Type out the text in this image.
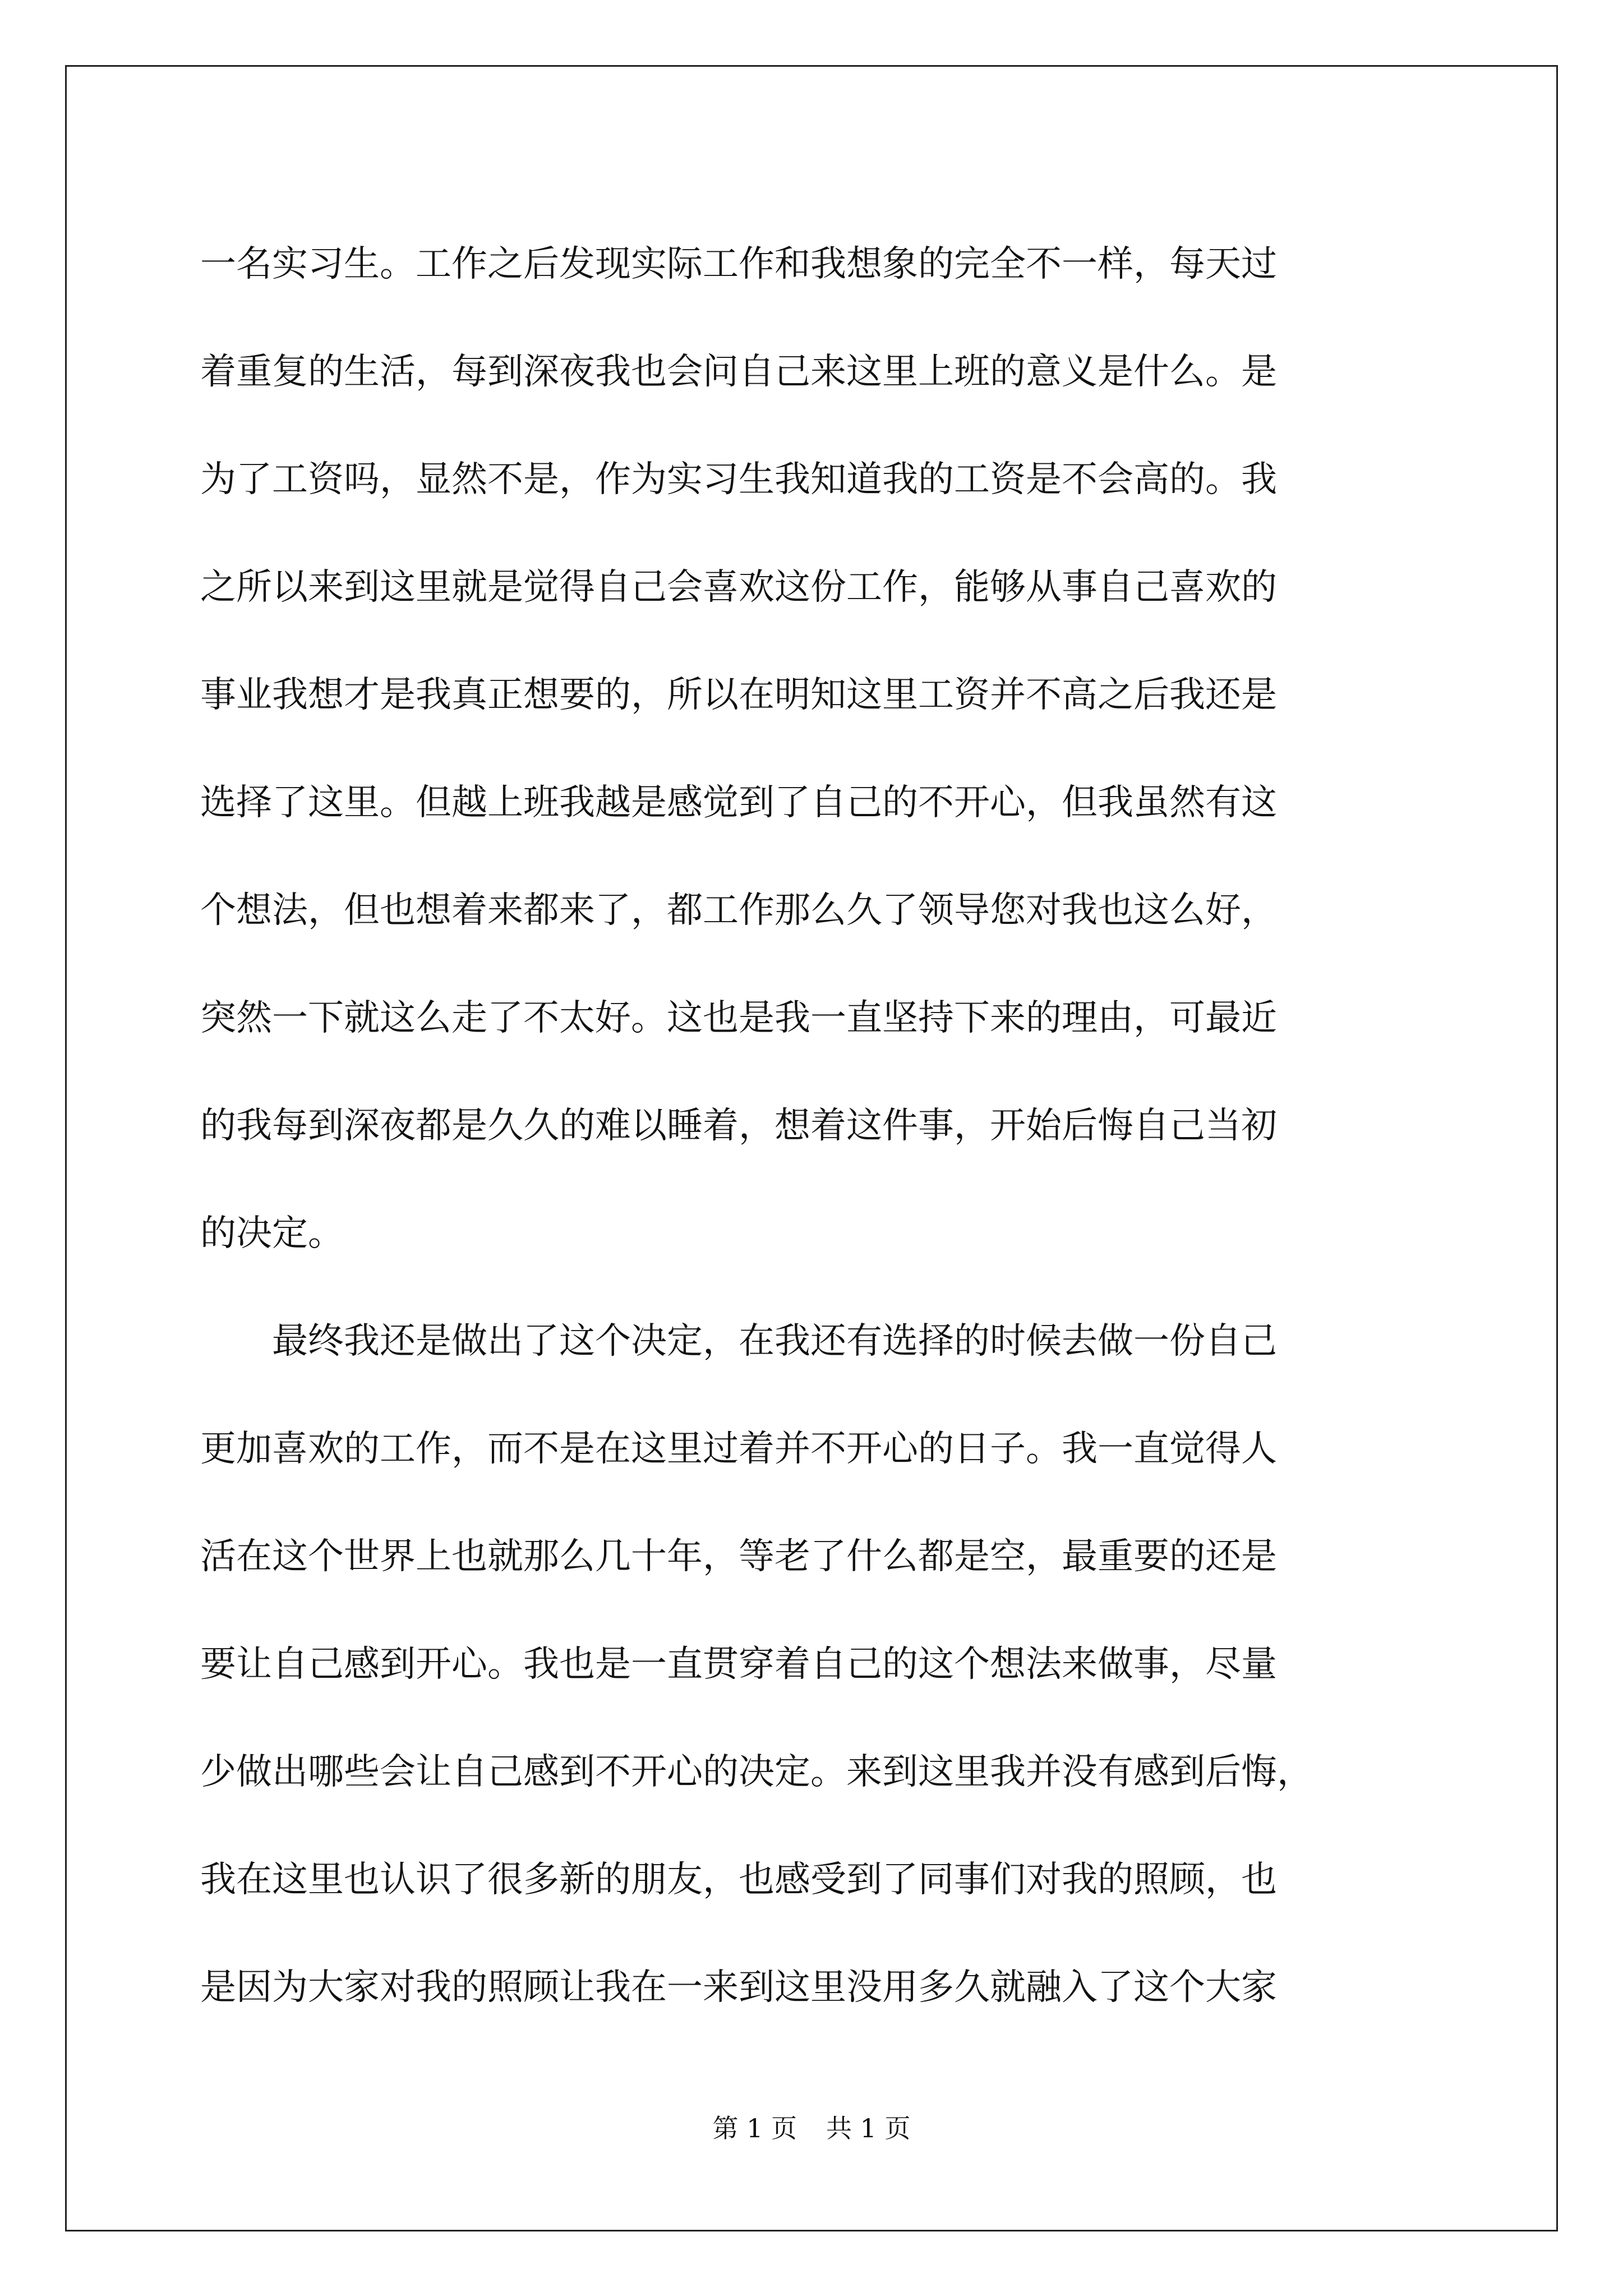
一名实习生。工作之后发现实际工作和我想象的完全不一样，每天过
着重复的生活，每到深夜我也会问自己来这里上班的意义是什么。是
为了工资吗，显然不是，作为实习生我知道我的工资是不会高的。我
之所以来到这里就是觉得自己会喜欢这份工作，能够从事自己喜欢的
事业我想才是我真正想要的，所以在明知这里工资并不高之后我还是
选择了这里。但越上班我越是感觉到了自己的不开心，但我虽然有这
个想法，但也想着来都来了，都工作那么久了领导您对我也这么好，
突然一下就这么走了不太好。这也是我一直坚持下来的理由，可最近
的我每到深夜都是久久的难以睡着，想着这件事，开始后悔自己当初
的决定。
　　最终我还是做出了这个决定，在我还有选择的时候去做一份自己
更加喜欢的工作，而不是在这里过着并不开心的日子。我一直觉得人
活在这个世界上也就那么几十年，等老了什么都是空，最重要的还是
要让自己感到开心。我也是一直贯穿着自己的这个想法来做事，尽量
少做出哪些会让自己感到不开心的决定。来到这里我并没有感到后悔，
我在这里也认识了很多新的朋友，也感受到了同事们对我的照顾，也
是因为大家对我的照顾让我在一来到这里没用多久就融入了这个大家
第 1 页 共 1 页
